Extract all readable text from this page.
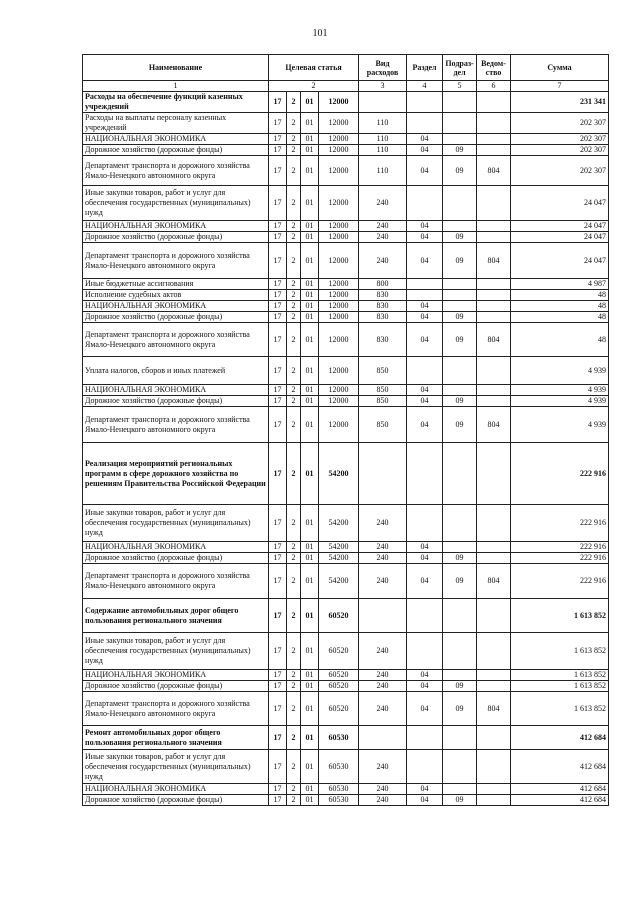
101
Наименование	Целевая статья				Вид расходов	Раздел	Подраз-дел	Ведом-ство	Сумма
1	2				3	4	5	6	7
Расходы на обеспечение функций казенных учреждений	17	2	01	12000					231 341
Расходы на выплаты персоналу казенных учреждений	17	2	01	12000	110				202 307
НАЦИОНАЛЬНАЯ ЭКОНОМИКА	17	2	01	12000	110	04			202 307
Дорожное хозяйство (дорожные фонды)	17	2	01	12000	110	04	09		202 307
Департамент транспорта и дорожного хозяйства Ямало-Ненецкого автономного округа	17	2	01	12000	110	04	09	804	202 307
Иные закупки товаров, работ и услуг для обеспечения государственных (муниципальных) нужд	17	2	01	12000	240				24 047
НАЦИОНАЛЬНАЯ ЭКОНОМИКА	17	2	01	12000	240	04			24 047
Дорожное хозяйство (дорожные фонды)	17	2	01	12000	240	04	09		24 047
Департамент транспорта и дорожного хозяйства Ямало-Ненецкого автономного округа	17	2	01	12000	240	04	09	804	24 047
Иные бюджетные ассигнования	17	2	01	12000	800				4 987
Исполнение судебных актов	17	2	01	12000	830				48
НАЦИОНАЛЬНАЯ ЭКОНОМИКА	17	2	01	12000	830	04			48
Дорожное хозяйство (дорожные фонды)	17	2	01	12000	830	04	09		48
Департамент транспорта и дорожного хозяйства Ямало-Ненецкого автономного округа	17	2	01	12000	830	04	09	804	48
Уплата налогов, сборов и иных платежей	17	2	01	12000	850				4 939
НАЦИОНАЛЬНАЯ ЭКОНОМИКА	17	2	01	12000	850	04			4 939
Дорожное хозяйство (дорожные фонды)	17	2	01	12000	850	04	09		4 939
Департамент транспорта и дорожного хозяйства Ямало-Ненецкого автономного округа	17	2	01	12000	850	04	09	804	4 939
Реализация мероприятий региональных программ в сфере дорожного хозяйства по решениям Правительства Российской Федерации	17	2	01	54200					222 916
Иные закупки товаров, работ и услуг для обеспечения государственных (муниципальных) нужд	17	2	01	54200	240				222 916
НАЦИОНАЛЬНАЯ ЭКОНОМИКА	17	2	01	54200	240	04			222 916
Дорожное хозяйство (дорожные фонды)	17	2	01	54200	240	04	09		222 916
Департамент транспорта и дорожного хозяйства Ямало-Ненецкого автономного округа	17	2	01	54200	240	04	09	804	222 916
Содержание автомобильных дорог общего пользования регионального значения	17	2	01	60520					1 613 852
Иные закупки товаров, работ и услуг для обеспечения государственных (муниципальных) нужд	17	2	01	60520	240				1 613 852
НАЦИОНАЛЬНАЯ ЭКОНОМИКА	17	2	01	60520	240	04			1 613 852
Дорожное хозяйство (дорожные фонды)	17	2	01	60520	240	04	09		1 613 852
Департамент транспорта и дорожного хозяйства Ямало-Ненецкого автономного округа	17	2	01	60520	240	04	09	804	1 613 852
Ремонт автомобильных дорог общего пользования регионального значения	17	2	01	60530					412 684
Иные закупки товаров, работ и услуг для обеспечения государственных (муниципальных) нужд	17	2	01	60530	240				412 684
НАЦИОНАЛЬНАЯ ЭКОНОМИКА	17	2	01	60530	240	04			412 684
Дорожное хозяйство (дорожные фонды)	17	2	01	60530	240	04	09		412 684
